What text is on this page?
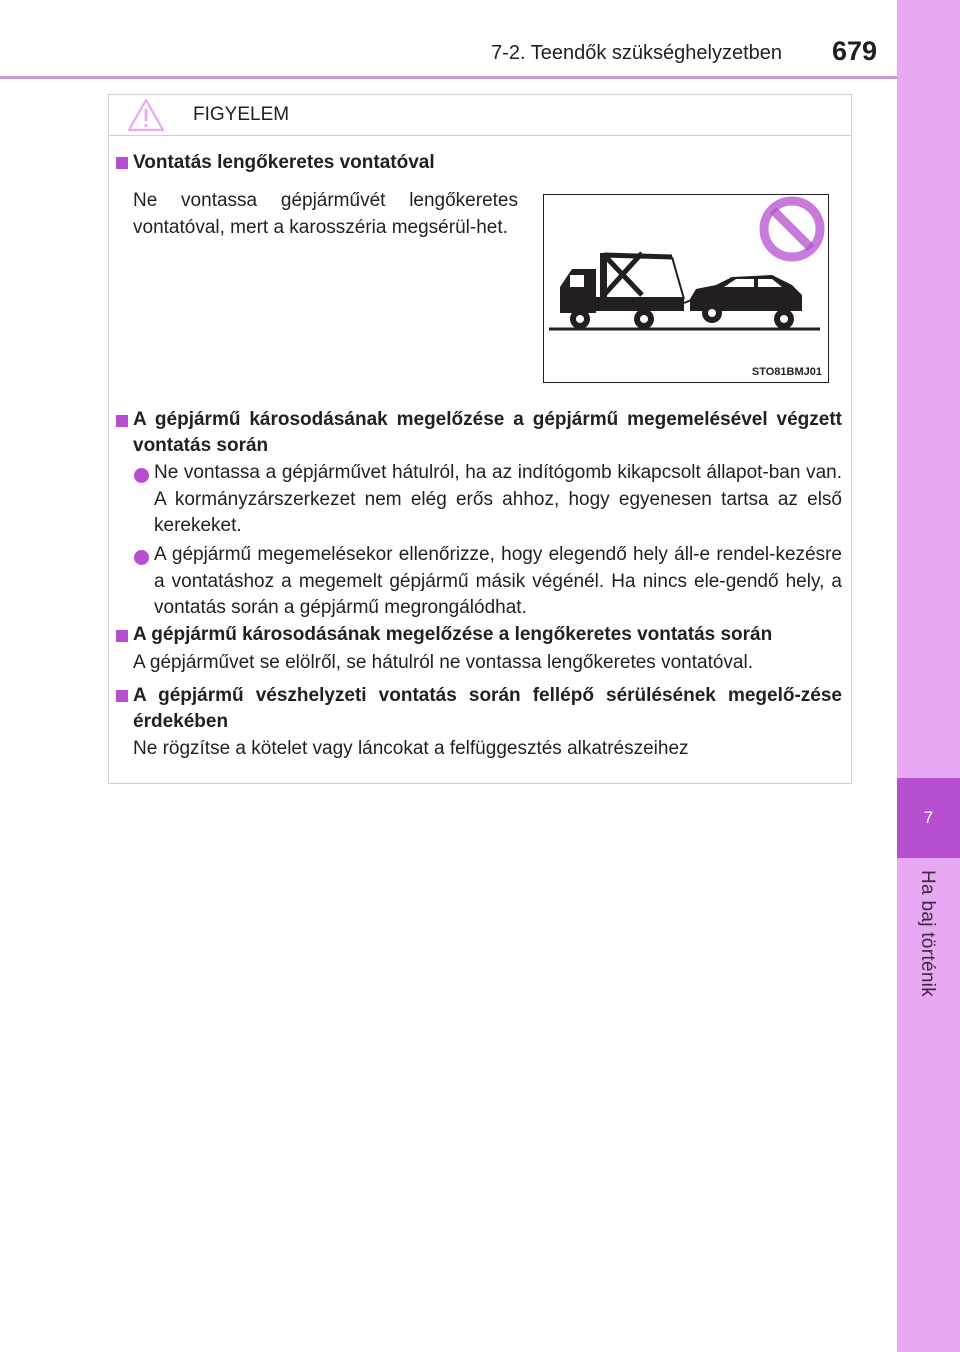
7-2. Teendők szükséghelyzetben 679
7
Ha baj történik
FIGYELEM
Vontatás lengőkeretes vontatóval
Ne vontassa gépjárművét lengőkeretes vontatóval, mert a karosszéria megsérül-het.
STO81BMJ01
A gépjármű károsodásának megelőzése a gépjármű megemelésével végzett vontatás során
Ne vontassa a gépjárművet hátulról, ha az indítógomb kikapcsolt állapot-ban van. A kormányzárszerkezet nem elég erős ahhoz, hogy egyenesen tartsa az első kerekeket.
A gépjármű megemelésekor ellenőrizze, hogy elegendő hely áll-e rendel-kezésre a vontatáshoz a megemelt gépjármű másik végénél. Ha nincs ele-gendő hely, a vontatás során a gépjármű megrongálódhat.
A gépjármű károsodásának megelőzése a lengőkeretes vontatás során
A gépjárművet se elölről, se hátulról ne vontassa lengőkeretes vontatóval.
A gépjármű vészhelyzeti vontatás során fellépő sérülésének megelő-zése érdekében
Ne rögzítse a kötelet vagy láncokat a felfüggesztés alkatrészeihez
